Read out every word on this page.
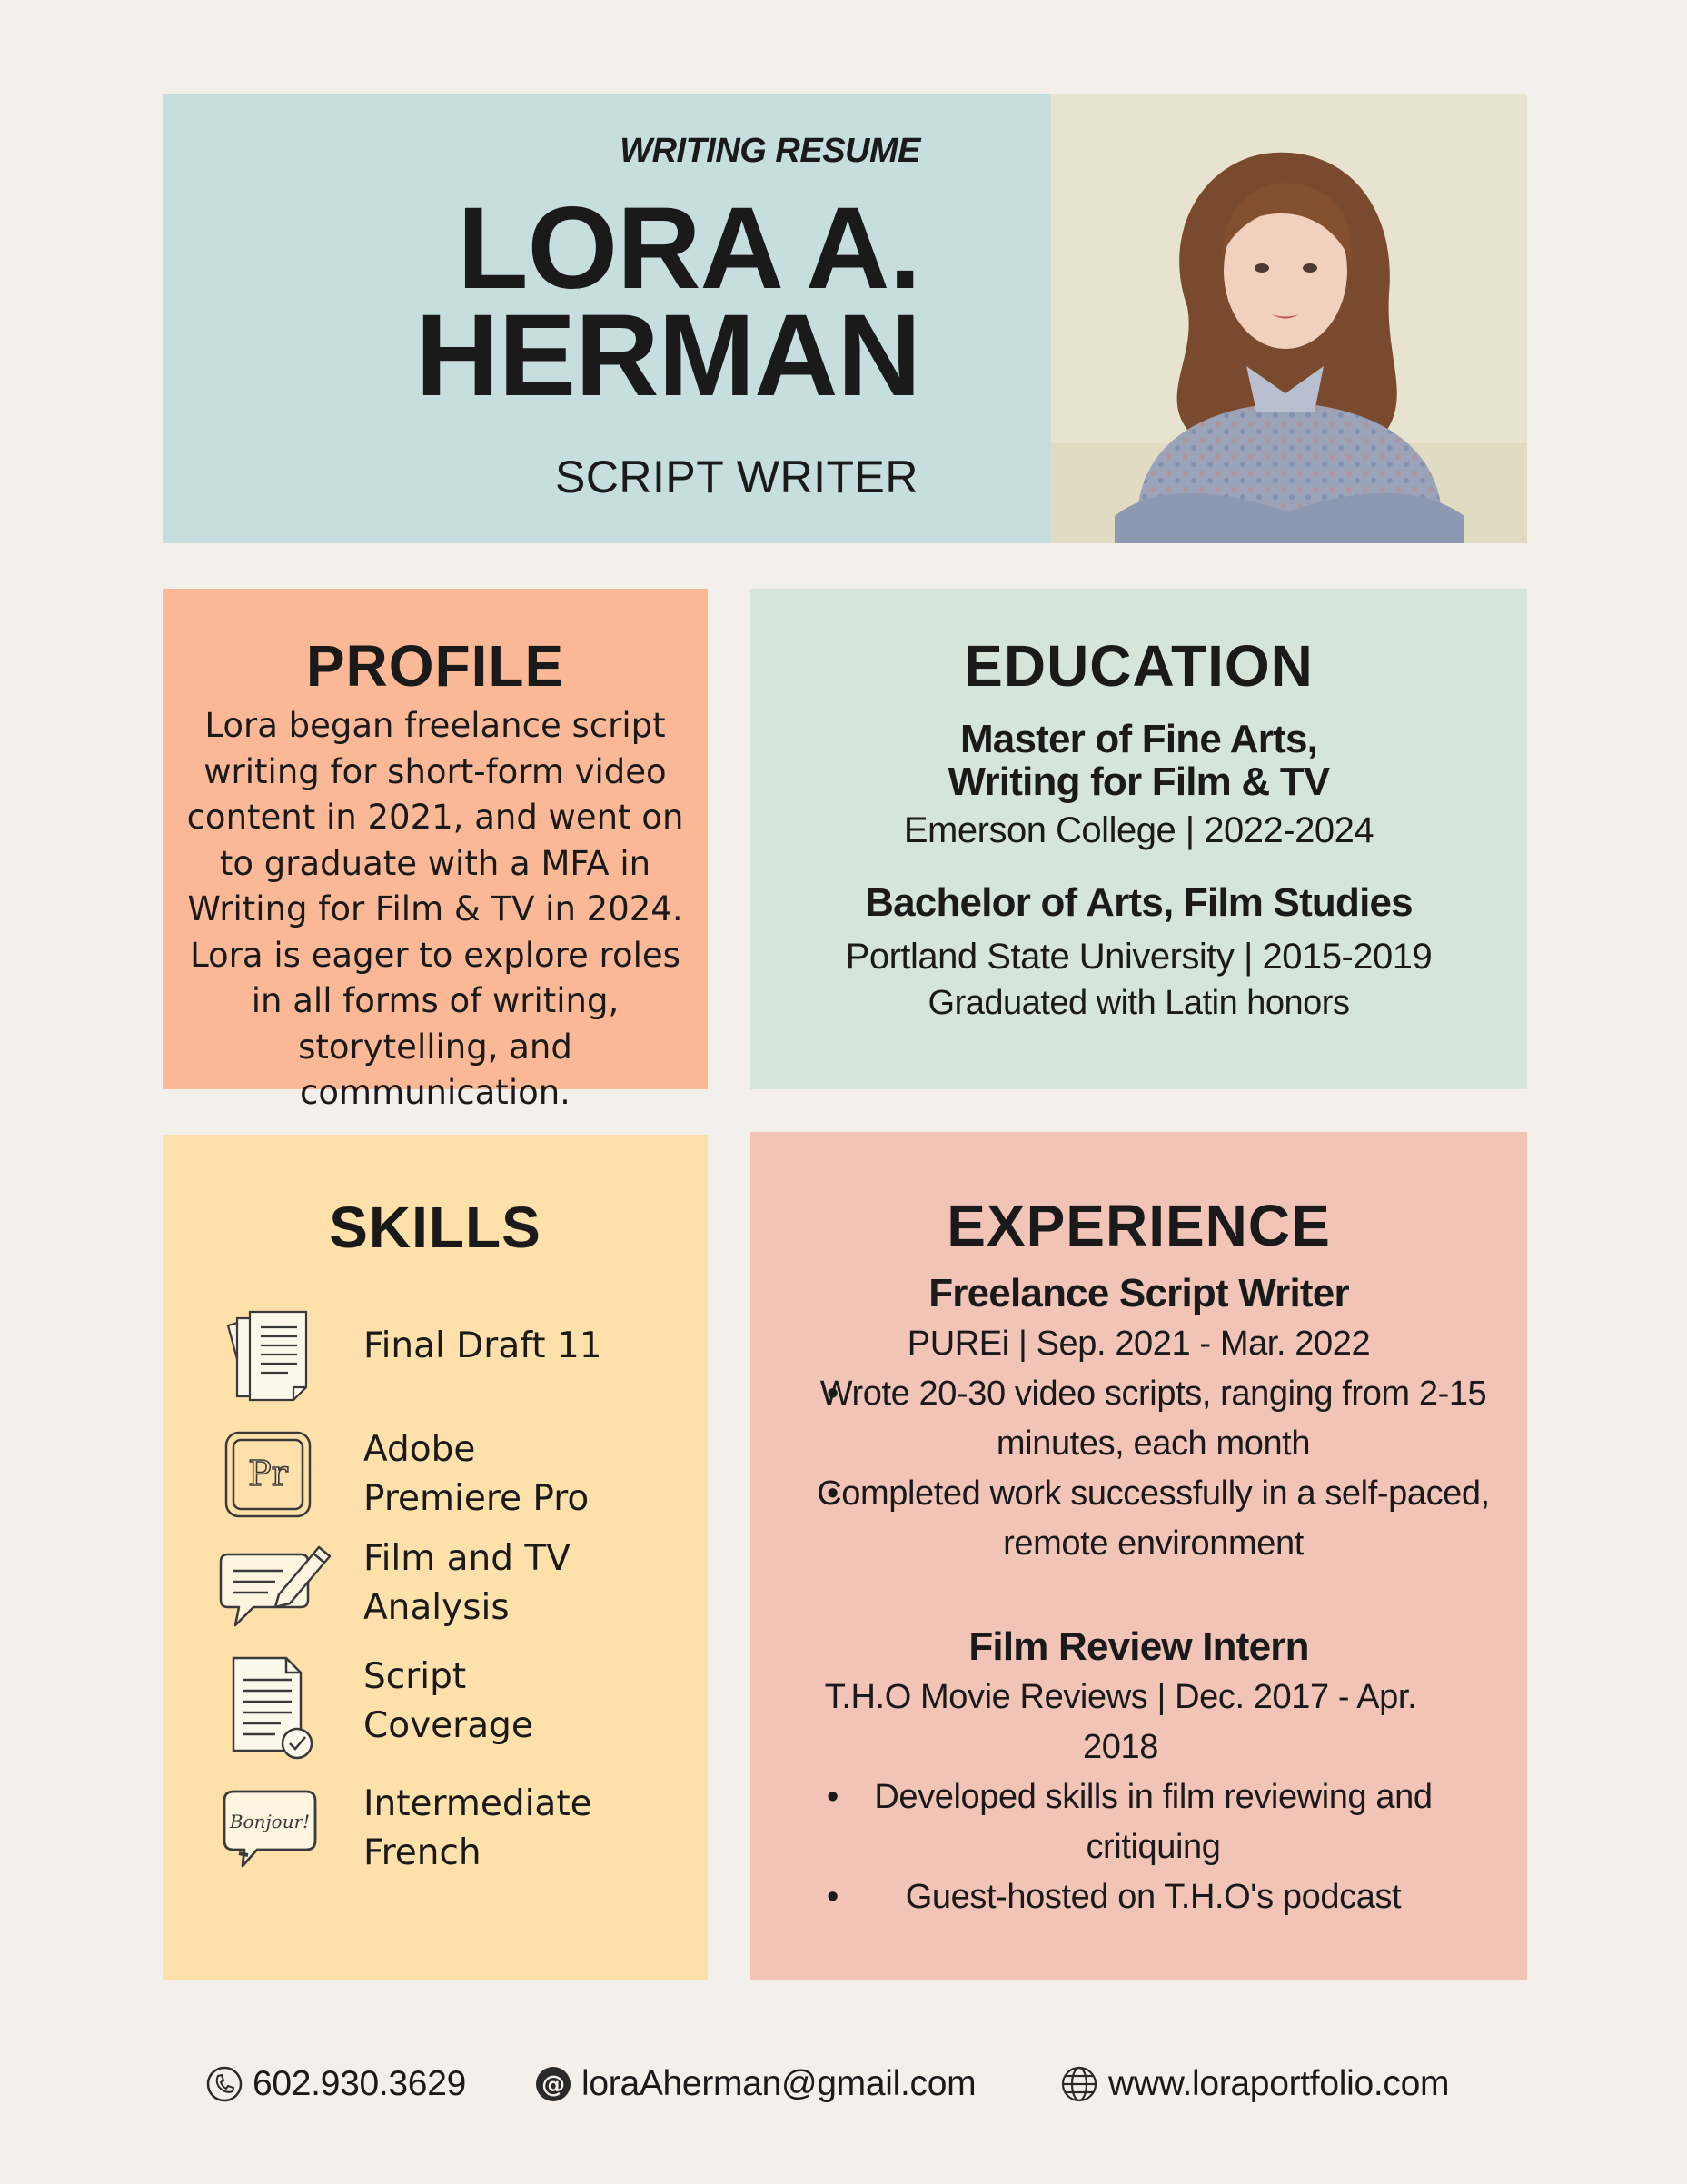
WRITING RESUME
LORA A.
HERMAN
SCRIPT WRITER
PROFILE
Lora began freelance script writing for short-form video content in 2021, and went on to graduate with a MFA in Writing for Film & TV in 2024. Lora is eager to explore roles in all forms of writing, storytelling, and communication.
EDUCATION
Master of Fine Arts,
Writing for Film & TV
Emerson College | 2022-2024
Bachelor of Arts, Film Studies
Portland State University | 2015-2019
Graduated with Latin honors
SKILLS
Final Draft 11
Pr
Adobe
Premiere Pro
Film and TV
Analysis
Script
Coverage
Bonjour! Intermediate
French
EXPERIENCE
Freelance Script Writer
PUREi | Sep. 2021 - Mar. 2022
• Wrote 20-30 video scripts, ranging from 2-15 minutes, each month
• Completed work successfully in a self-paced, remote environment
Film Review Intern
T.H.O Movie Reviews | Dec. 2017 - Apr. 2018
• Developed skills in film reviewing and critiquing
• Guest-hosted on T.H.O's podcast
602.930.3629	@ loraAherman@gmail.com	www.loraportfolio.com
